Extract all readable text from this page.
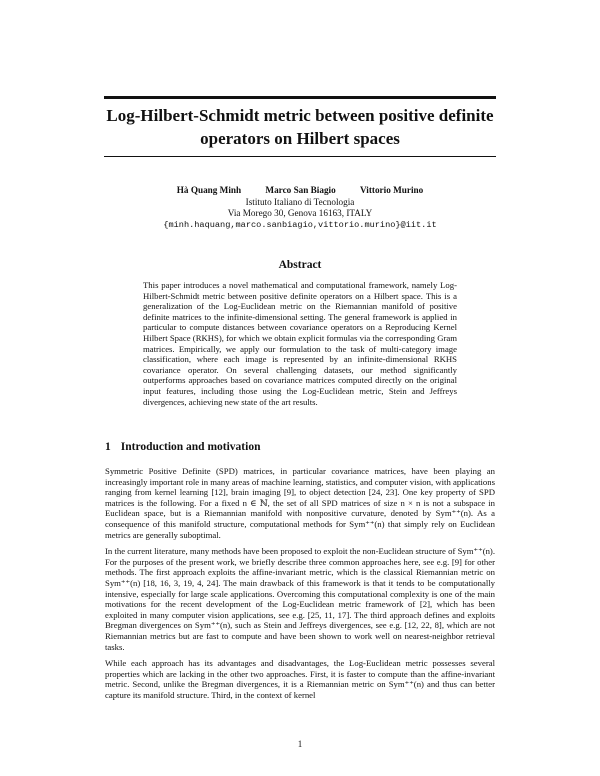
Log-Hilbert-Schmidt metric between positive definite operators on Hilbert spaces
Hà Quang Minh	Marco San Biagio	Vittorio Murino
Istituto Italiano di Tecnologia
Via Morego 30, Genova 16163, ITALY
{minh.haquang,marco.sanbiagio,vittorio.murino}@iit.it
Abstract
This paper introduces a novel mathematical and computational framework, namely Log-Hilbert-Schmidt metric between positive definite operators on a Hilbert space. This is a generalization of the Log-Euclidean metric on the Riemannian manifold of positive definite matrices to the infinite-dimensional setting. The general framework is applied in particular to compute distances between covariance operators on a Reproducing Kernel Hilbert Space (RKHS), for which we obtain explicit formulas via the corresponding Gram matrices. Empirically, we apply our formulation to the task of multi-category image classification, where each image is represented by an infinite-dimensional RKHS covariance operator. On several challenging datasets, our method significantly outperforms approaches based on covariance matrices computed directly on the original input features, including those using the Log-Euclidean metric, Stein and Jeffreys divergences, achieving new state of the art results.
1 Introduction and motivation

Symmetric Positive Definite (SPD) matrices, in particular covariance matrices, have been playing an increasingly important role in many areas of machine learning, statistics, and computer vision, with applications ranging from kernel learning [12], brain imaging [9], to object detection [24, 23]. One key property of SPD matrices is the following. For a fixed n ∈ ℕ, the set of all SPD matrices of size n × n is not a subspace in Euclidean space, but is a Riemannian manifold with nonpositive curvature, denoted by Sym⁺⁺(n). As a consequence of this manifold structure, computational methods for Sym⁺⁺(n) that simply rely on Euclidean metrics are generally suboptimal.

In the current literature, many methods have been proposed to exploit the non-Euclidean structure of Sym⁺⁺(n). For the purposes of the present work, we briefly describe three common approaches here, see e.g. [9] for other methods. The first approach exploits the affine-invariant metric, which is the classical Riemannian metric on Sym⁺⁺(n) [18, 16, 3, 19, 4, 24]. The main drawback of this framework is that it tends to be computationally intensive, especially for large scale applications. Overcoming this computational complexity is one of the main motivations for the recent development of the Log-Euclidean metric framework of [2], which has been exploited in many computer vision applications, see e.g. [25, 11, 17]. The third approach defines and exploits Bregman divergences on Sym⁺⁺(n), such as Stein and Jeffreys divergences, see e.g. [12, 22, 8], which are not Riemannian metrics but are fast to compute and have been shown to work well on nearest-neighbor retrieval tasks.

While each approach has its advantages and disadvantages, the Log-Euclidean metric possesses several properties which are lacking in the other two approaches. First, it is faster to compute than the affine-invariant metric. Second, unlike the Bregman divergences, it is a Riemannian metric on Sym⁺⁺(n) and thus can better capture its manifold structure. Third, in the context of kernel

1
